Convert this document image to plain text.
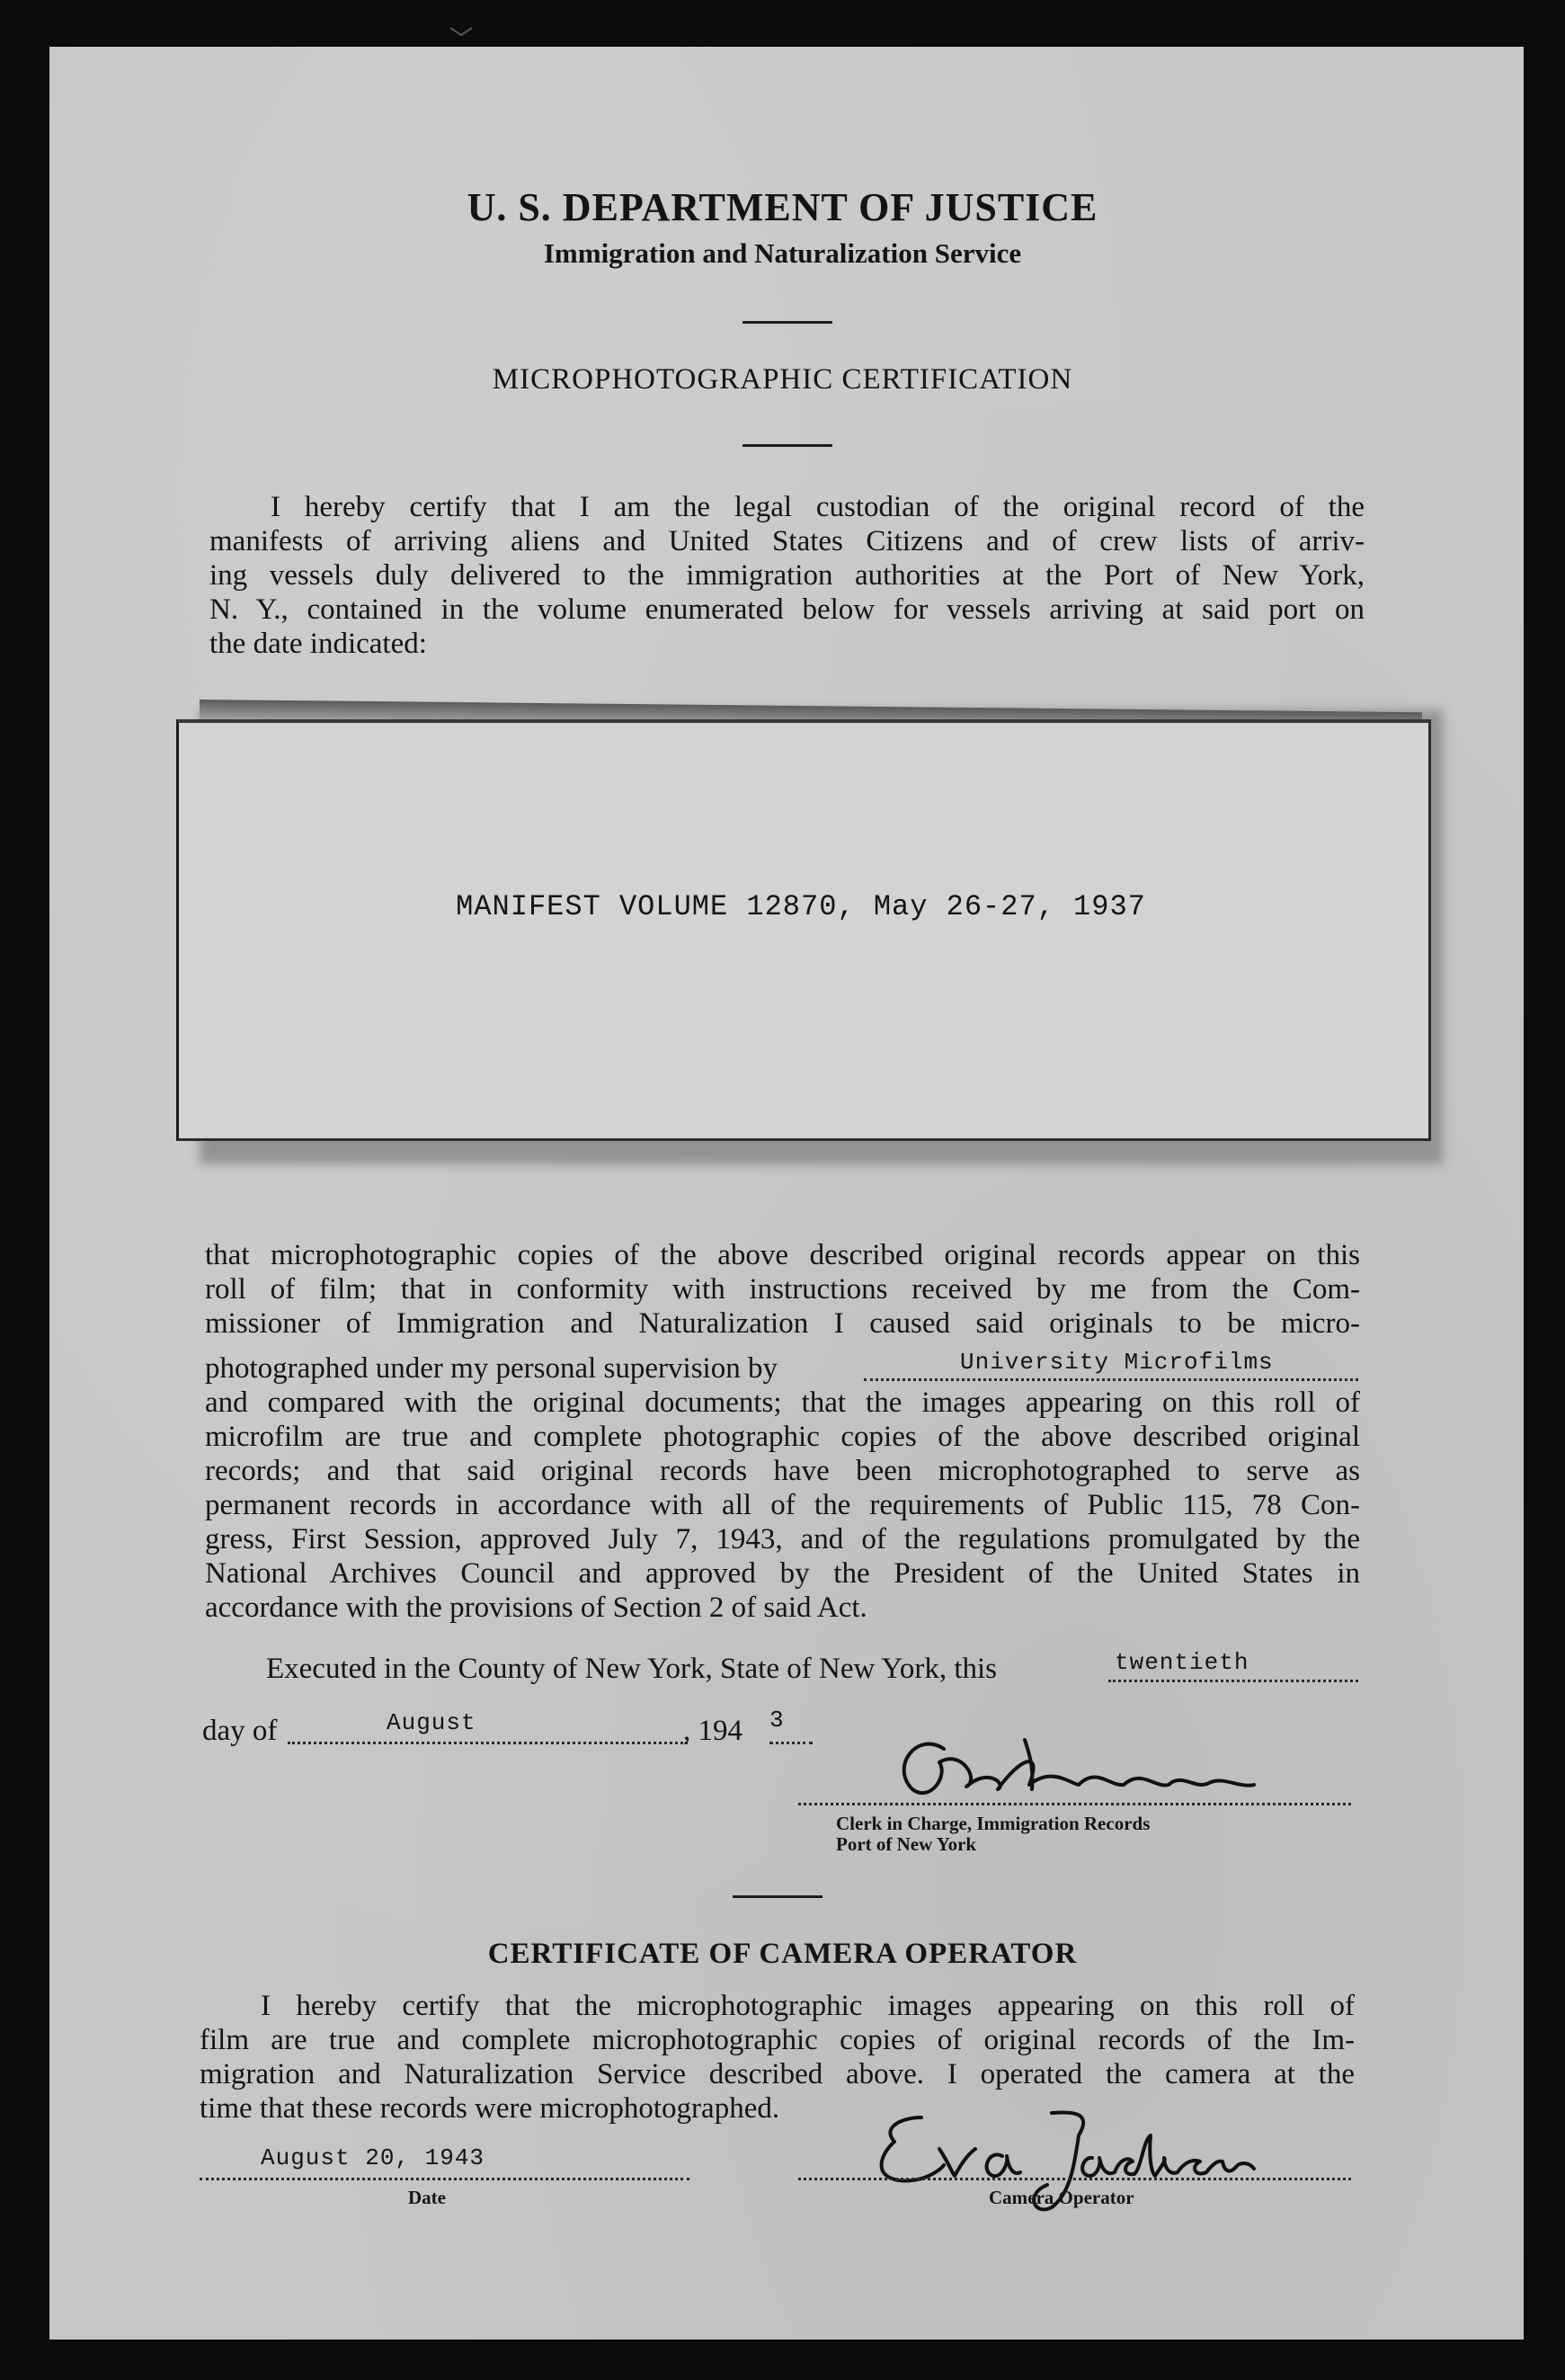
U. S. DEPARTMENT OF JUSTICE
Immigration and Naturalization Service
MICROPHOTOGRAPHIC CERTIFICATION
I hereby certify that I am the legal custodian of the original record of the
manifests of arriving aliens and United States Citizens and of crew lists of arriv-
ing vessels duly delivered to the immigration authorities at the Port of New York,
N. Y., contained in the volume enumerated below for vessels arriving at said port on
the date indicated:
MANIFEST VOLUME 12870, May 26-27, 1937
that microphotographic copies of the above described original records appear on this
roll of film; that in conformity with instructions received by me from the Com-
missioner of Immigration and Naturalization I caused said originals to be micro-
photographed under my personal supervision by	University Microfilms
and compared with the original documents; that the images appearing on this roll of
microfilm are true and complete photographic copies of the above described original
records; and that said original records have been microphotographed to serve as
permanent records in accordance with all of the requirements of Public 115, 78 Con-
gress, First Session, approved July 7, 1943, and of the regulations promulgated by the
National Archives Council and approved by the President of the United States in
accordance with the provisions of Section 2 of said Act.
Executed in the County of New York, State of New York, this	twentieth
day of	August	, 194 3
Clerk in Charge, Immigration Records
Port of New York
CERTIFICATE OF CAMERA OPERATOR
I hereby certify that the microphotographic images appearing on this roll of
film are true and complete microphotographic copies of original records of the Im-
migration and Naturalization Service described above. I operated the camera at the
time that these records were microphotographed.
August 20, 1943
Date	Camera Operator
